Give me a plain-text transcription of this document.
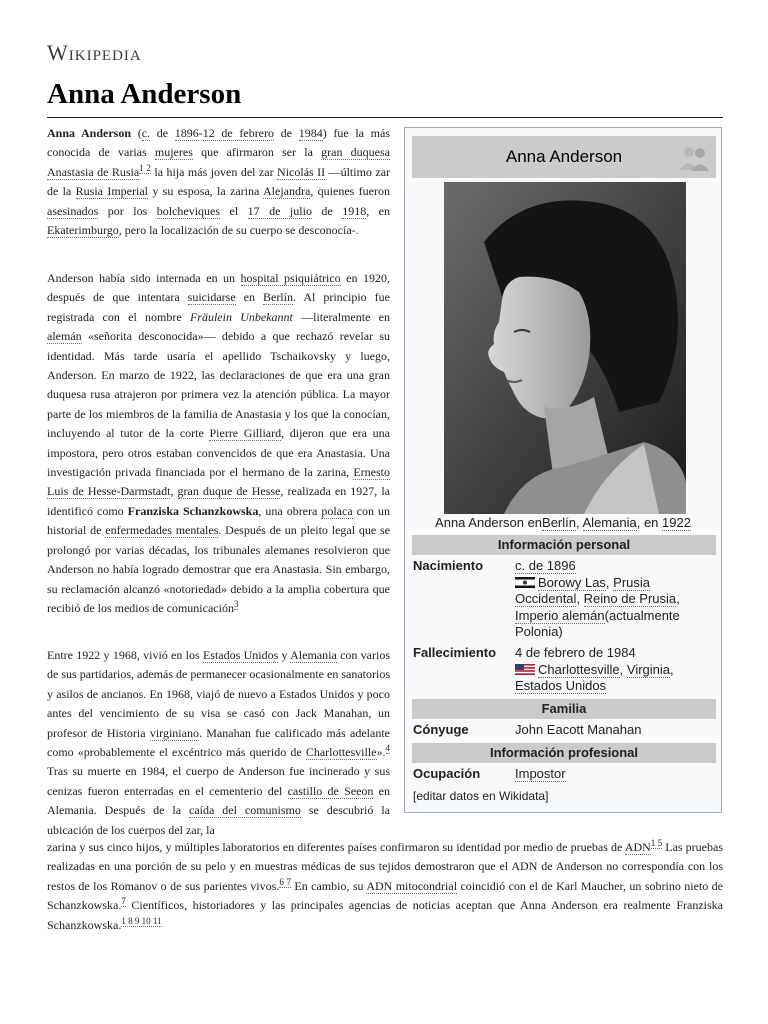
Wikipedia
Anna Anderson

Anna Anderson (c. de 1896-12 de febrero de 1984) fue la más conocida de varias mujeres que afirmaron ser la gran duquesa Anastasia de Rusia$^{1 2}$ la hija más joven del zar Nicolás II —último zar de la Rusia Imperial y su esposa, la zarina Alejandra, quienes fueron asesinados por los bolcheviques el 17 de julio de 1918, en Ekaterimburgo, pero la localización de su cuerpo se desconocía-.

Anderson había sido internada en un hospital psiquiátrico en 1920, después de que intentara suicidarse en Berlín. Al principio fue registrada con el nombre Fräulein Unbekannt —literalmente en alemán «señorita desconocida»— debido a que rechazó revelar su identidad. Más tarde usaría el apellido Tschaikovsky y luego, Anderson. En marzo de 1922, las declaraciones de que era una gran duquesa rusa atrajeron por primera vez la atención pública. La mayor parte de los miembros de la familia de Anastasia y los que la conocían, incluyendo al tutor de la corte Pierre Gilliard, dijeron que era una impostora, pero otros estaban convencidos de que era Anastasia. Una investigación privada financiada por el hermano de la zarina, Ernesto Luis de Hesse-Darmstadt, gran duque de Hesse, realizada en 1927, la identificó como Franziska Schanzkowska, una obrera polaca con un historial de enfermedades mentales. Después de un pleito legal que se prolongó por varias décadas, los tribunales alemanes resolvieron que Anderson no había logrado demostrar que era Anastasia. Sin embargo, su reclamación alcanzó «notoriedad» debido a la amplia cobertura que recibió de los medios de comunicación$^3$

Entre 1922 y 1968, vivió en los Estados Unidos y Alemania con varios de sus partidarios, además de permanecer ocasionalmente en sanatorios y asilos de ancianos. En 1968, viajó de nuevo a Estados Unidos y poco antes del vencimiento de su visa se casó con Jack Manahan, un profesor de Historia virginiano. Manahan fue calificado más adelante como «probablemente el excéntrico más querido de Charlottesville».$^4$ Tras su muerte en 1984, el cuerpo de Anderson fue incinerado y sus cenizas fueron enterradas en el cementerio del castillo de Seeon en Alemania. Después de la caída del comunismo se descubrió la ubicación de los cuerpos del zar, la

zarina y sus cinco hijos, y múltiples laboratorios en diferentes países confirmaron su identidad por medio de pruebas de $ADN^{1 5}$ Las pruebas realizadas en una porción de su pelo y en muestras médicas de sus tejidos demostraron que el ADN de Anderson no correspondía con los restos de los Romanov o de sus parientes vivos.$^{6 7}$ En cambio, su ADN mitocondrial coincidió con el de Karl Maucher, un sobrino nieto de Schanzkowska.$^7$ Científicos, historiadores y las principales agencias de noticias aceptan que Anna Anderson era realmente Franziska Schanzkowska.$^{1 8 9 10 11}$

Anna Anderson
Anna Anderson enBerlín, Alemania, en 1922
Información personal
Nacimiento c. de 1896
Borowy Las, Prusia Occidental, Reino de Prusia, Imperio alemán(actualmente Polonia)
Fallecimiento 4 de febrero de 1984
Charlottesville, Virginia, Estados Unidos
Familia
Cónyuge	John Eacott Manahan
Información profesional
Ocupación	Impostor
[editar datos en Wikidata]
